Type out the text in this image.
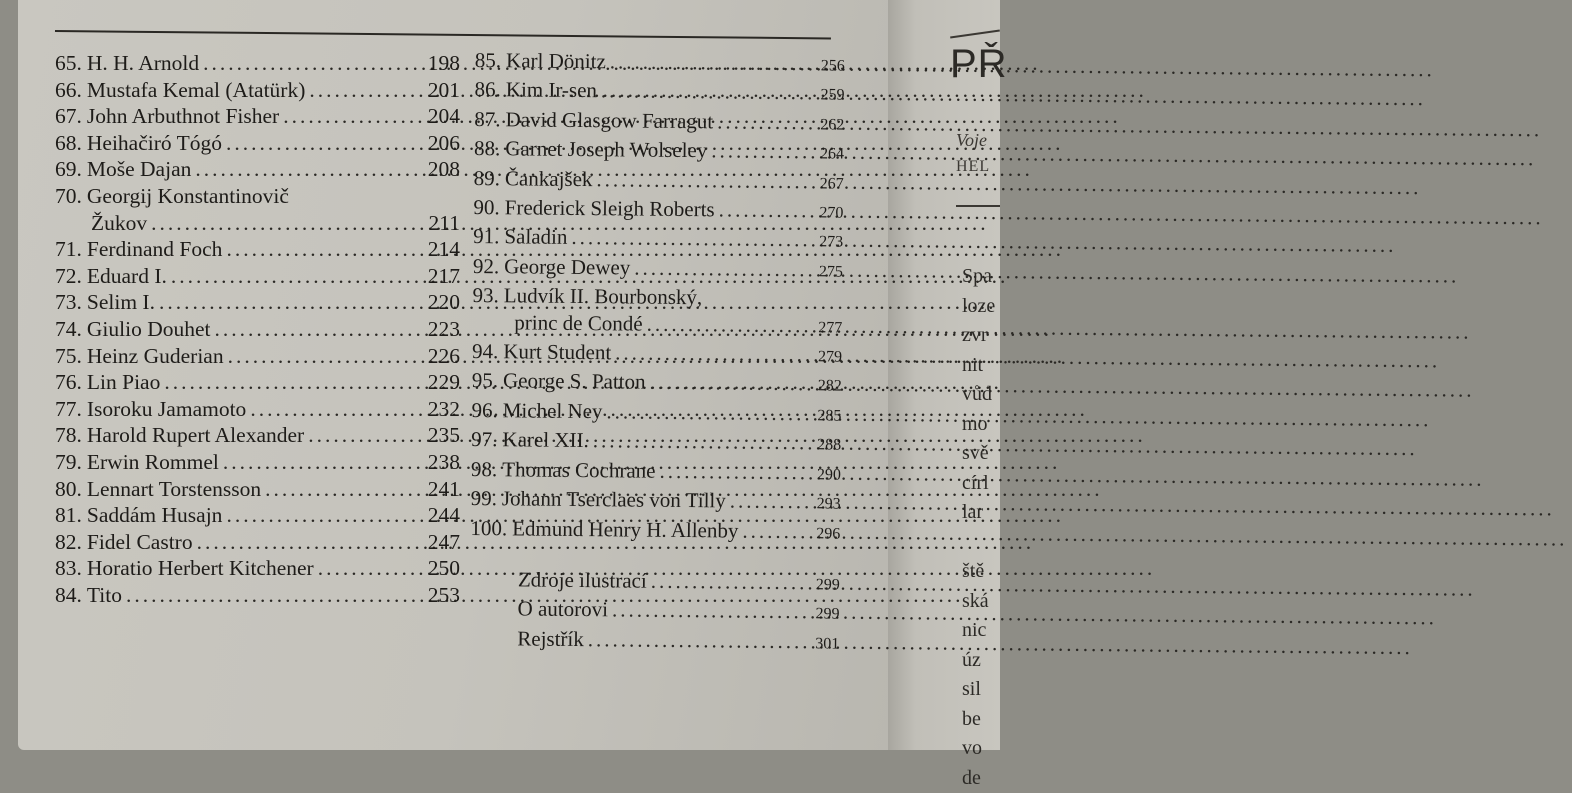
65. H. H. Arnold .....	198
66. Mustafa Kemal (Atatürk) .....	201
67. John Arbuthnot Fisher .....	204
68. Heihačiró Tógó .....	206
69. Moše Dajan .....	208
70. Georgij Konstantinovič
Žukov .....	211
71. Ferdinand Foch .....	214
72. Eduard I. .....	217
73. Selim I. .....	220
74. Giulio Douhet .....	223
75. Heinz Guderian .....	226
76. Lin Piao .....	229
77. Isoroku Jamamoto .....	232
78. Harold Rupert Alexander .....	235
79. Erwin Rommel .....	238
80. Lennart Torstensson .....	241
81. Saddám Husajn .....	244
82. Fidel Castro .....	247
83. Horatio Herbert Kitchener .....	250
84. Tito .....	253
85. Karl Dönitz .....	256
86. Kim Ir-sen .....	259
87. David Glasgow Farragut .....	262
88. Garnet Joseph Wolseley .....	264
89. Čankajšek .....	267
90. Frederick Sleigh Roberts .....	270
91. Saladin .....	273
92. George Dewey .....	275
93. Ludvík II. Bourbonský,
princ de Condé .....	277
94. Kurt Student .....	279
95. George S. Patton .....	282
96. Michel Ney .....	285
97. Karel XII. .....	288
98. Thomas Cochrane .....	290
99. Johann Tserclaes von Tilly .....	293
100. Edmund Henry H. Allenby .....	296
Zdroje ilustrací .....	299
O autorovi .....	299
Rejstřík .....	301
PŘ
Voje
HEL
Spa
loze
zvr
nit
vůd
mo
svě
círl
lar

ště
ská
nic
úz
sil
be
vo
de
